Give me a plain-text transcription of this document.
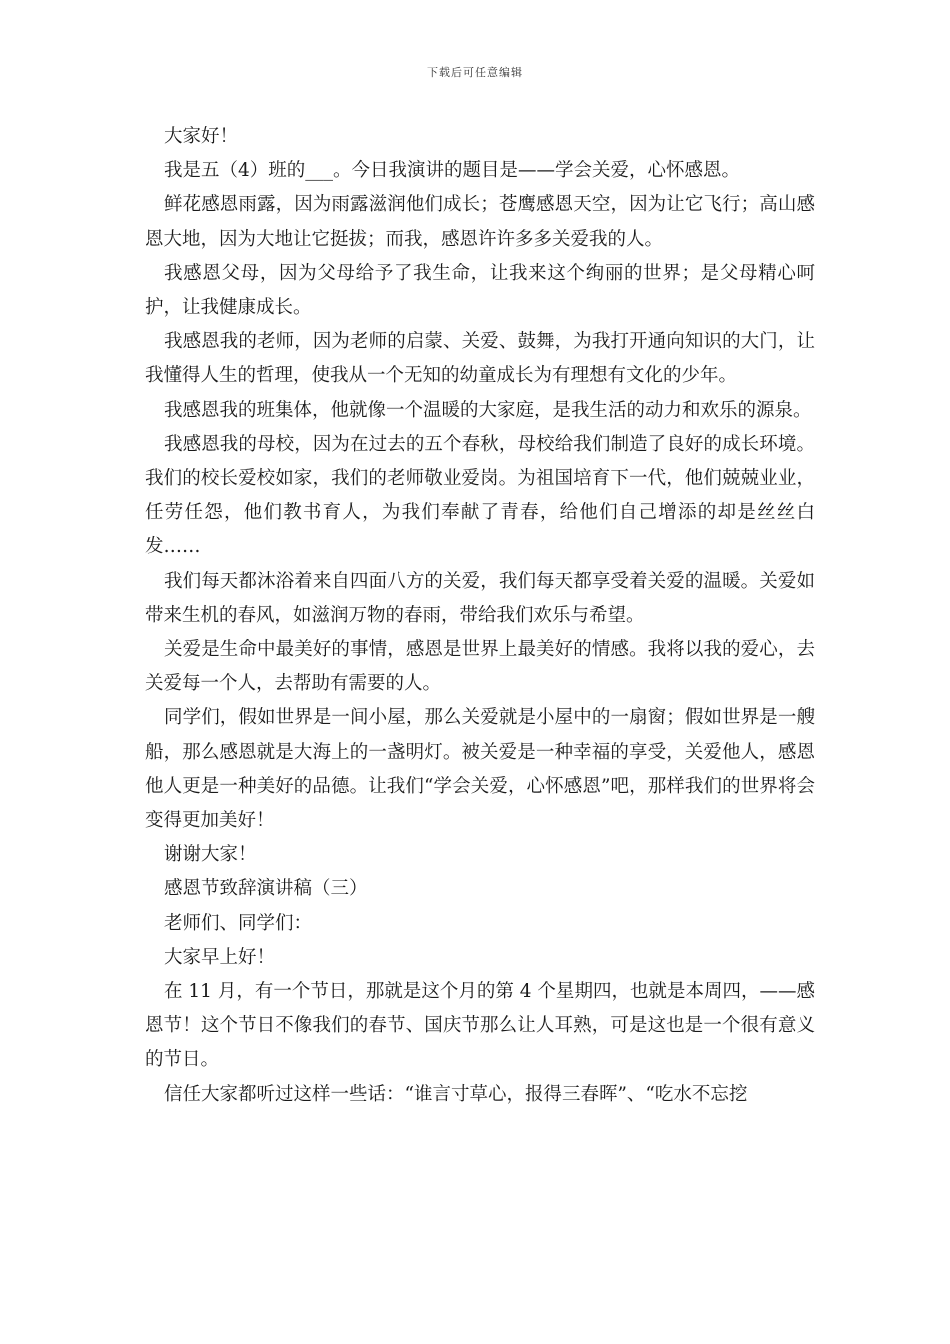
下载后可任意编辑

大家好！

我是五（4）班的___。今日我演讲的题目是——学会关爱，心怀感恩。

鲜花感恩雨露，因为雨露滋润他们成长；苍鹰感恩天空，因为让它飞行；高山感恩大地，因为大地让它挺拔；而我，感恩许许多多关爱我的人。

我感恩父母，因为父母给予了我生命，让我来这个绚丽的世界；是父母精心呵护，让我健康成长。

我感恩我的老师，因为老师的启蒙、关爱、鼓舞，为我打开通向知识的大门，让我懂得人生的哲理，使我从一个无知的幼童成长为有理想有文化的少年。

我感恩我的班集体，他就像一个温暖的大家庭，是我生活的动力和欢乐的源泉。

我感恩我的母校，因为在过去的五个春秋，母校给我们制造了良好的成长环境。我们的校长爱校如家，我们的老师敬业爱岗。为祖国培育下一代，他们兢兢业业，任劳任怨，他们教书育人，为我们奉献了青春，给他们自己增添的却是丝丝白发……

我们每天都沐浴着来自四面八方的关爱，我们每天都享受着关爱的温暖。关爱如带来生机的春风，如滋润万物的春雨，带给我们欢乐与希望。

关爱是生命中最美好的事情，感恩是世界上最美好的情感。我将以我的爱心，去关爱每一个人，去帮助有需要的人。

同学们，假如世界是一间小屋，那么关爱就是小屋中的一扇窗；假如世界是一艘船，那么感恩就是大海上的一盏明灯。被关爱是一种幸福的享受，关爱他人，感恩他人更是一种美好的品德。让我们“学会关爱，心怀感恩”吧，那样我们的世界将会变得更加美好！

谢谢大家！

感恩节致辞演讲稿（三）

老师们、同学们：

大家早上好！

在 11 月，有一个节日，那就是这个月的第 4 个星期四，也就是本周四，——感恩节！这个节日不像我们的春节、国庆节那么让人耳熟，可是这也是一个很有意义的节日。

信任大家都听过这样一些话：“谁言寸草心，报得三春晖”、“吃水不忘挖
